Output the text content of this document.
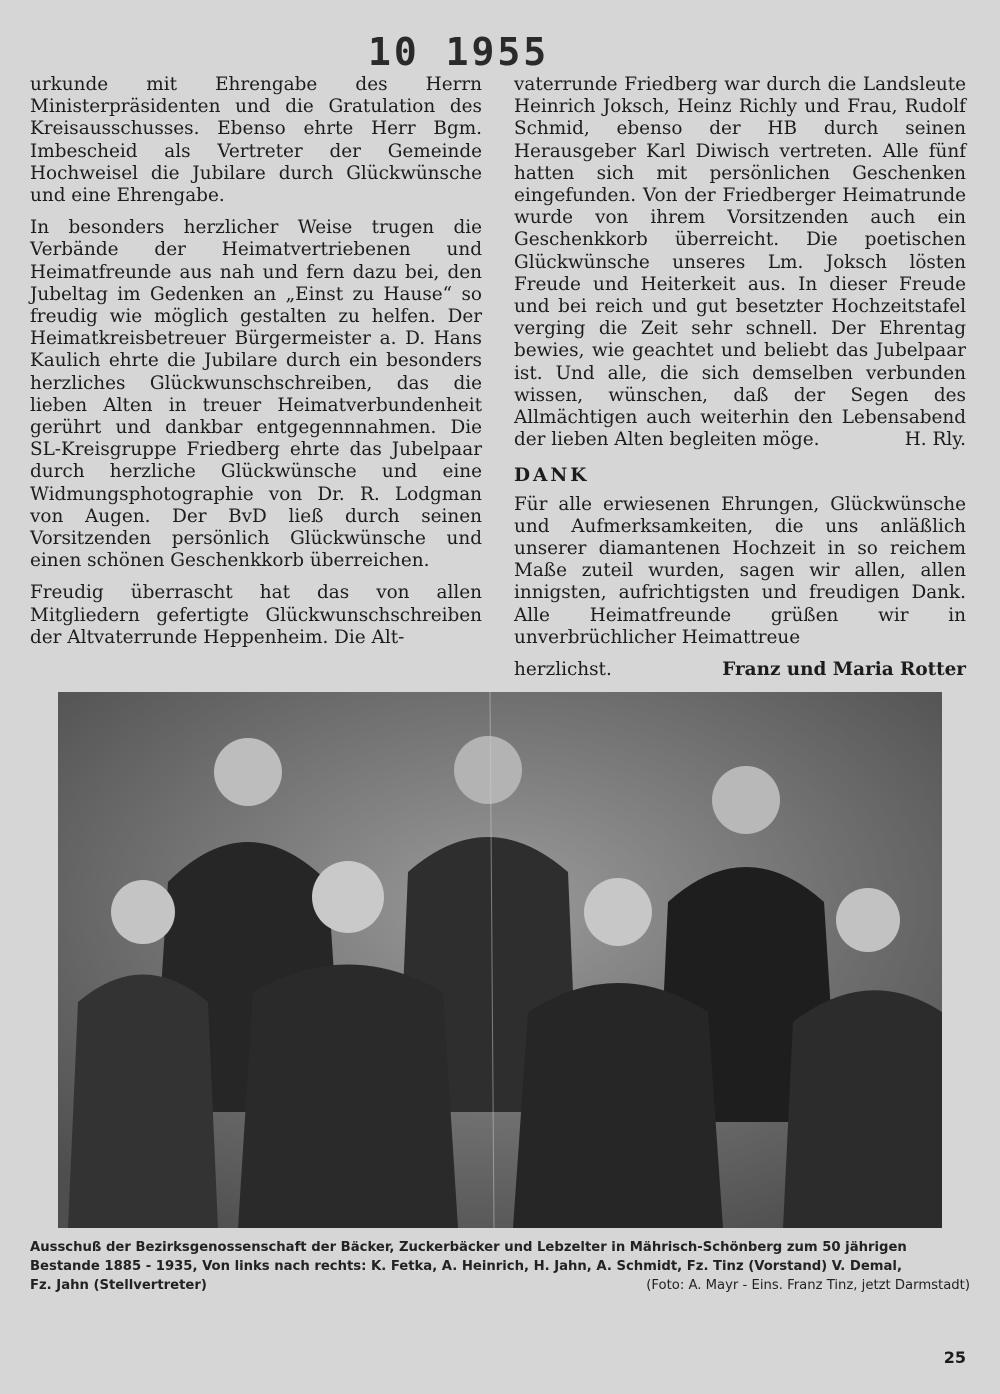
10 1955

urkunde mit Ehrengabe des Herrn Ministerpräsidenten und die Gratulation des Kreisausschusses. Ebenso ehrte Herr Bgm. Imbescheid als Vertreter der Gemeinde Hochweisel die Jubilare durch Glückwünsche und eine Ehrengabe.

In besonders herzlicher Weise trugen die Verbände der Heimatvertriebenen und Heimatfreunde aus nah und fern dazu bei, den Jubeltag im Gedenken an „Einst zu Hause“ so freudig wie möglich gestalten zu helfen. Der Heimatkreisbetreuer Bürgermeister a. D. Hans Kaulich ehrte die Jubilare durch ein besonders herzliches Glückwunschschreiben, das die lieben Alten in treuer Heimatverbundenheit gerührt und dankbar entgegennnahmen. Die SL-Kreisgruppe Friedberg ehrte das Jubelpaar durch herzliche Glückwünsche und eine Widmungsphotographie von Dr. R. Lodgman von Augen. Der BvD ließ durch seinen Vorsitzenden persönlich Glückwünsche und einen schönen Geschenkkorb überreichen.

Freudig überrascht hat das von allen Mitgliedern gefertigte Glückwunschschreiben der Altvaterrunde Heppenheim. Die Alt-

vaterrunde Friedberg war durch die Landsleute Heinrich Joksch, Heinz Richly und Frau, Rudolf Schmid, ebenso der HB durch seinen Herausgeber Karl Diwisch vertreten. Alle fünf hatten sich mit persönlichen Geschenken eingefunden. Von der Friedberger Heimatrunde wurde von ihrem Vorsitzenden auch ein Geschenkkorb überreicht. Die poetischen Glückwünsche unseres Lm. Joksch lösten Freude und Heiterkeit aus. In dieser Freude und bei reich und gut besetzter Hochzeitstafel verging die Zeit sehr schnell. Der Ehrentag bewies, wie geachtet und beliebt das Jubelpaar ist. Und alle, die sich demselben verbunden wissen, wünschen, daß der Segen des Allmächtigen auch weiterhin den Lebensabend der lieben Alten begleiten möge.	H. Rly.

DANK

Für alle erwiesenen Ehrungen, Glückwünsche und Aufmerksamkeiten, die uns anläßlich unserer diamantenen Hochzeit in so reichem Maße zuteil wurden, sagen wir allen, allen innigsten, aufrichtigsten und freudigen Dank. Alle Heimatfreunde grüßen wir in unverbrüchlicher Heimattreue

herzlichst.	Franz und Maria Rotter
Ausschuß der Bezirksgenossenschaft der Bäcker, Zuckerbäcker und Lebzelter in Mährisch-Schönberg zum 50 jährigen
Bestande 1885 - 1935, Von links nach rechts: K. Fetka, A. Heinrich, H. Jahn, A. Schmidt, Fz. Tinz (Vorstand) V. Demal,
Fz. Jahn (Stellvertreter)	(Foto: A. Mayr - Eins. Franz Tinz, jetzt Darmstadt)
25
